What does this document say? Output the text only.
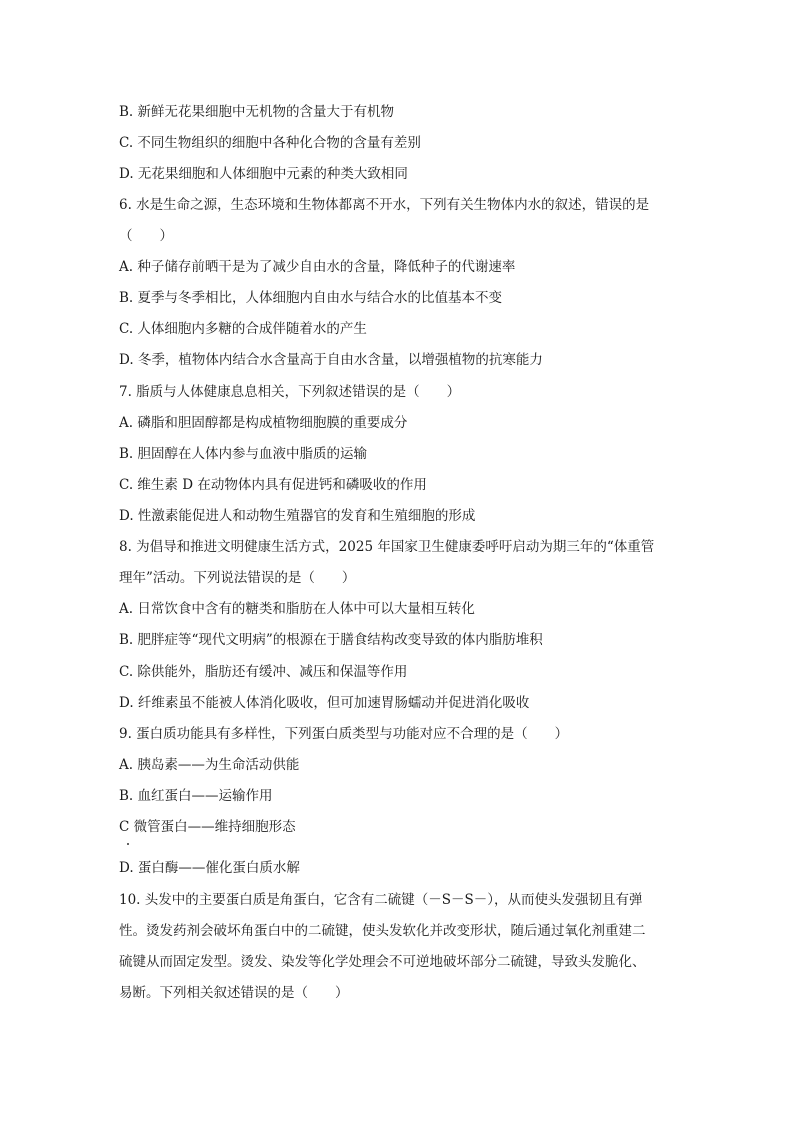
B. 新鲜无花果细胞中无机物的含量大于有机物
C. 不同生物组织的细胞中各种化合物的含量有差别
D. 无花果细胞和人体细胞中元素的种类大致相同
6. 水是生命之源，生态环境和生物体都离不开水，下列有关生物体内水的叙述，错误的是
（　　）
A. 种子储存前晒干是为了减少自由水的含量，降低种子的代谢速率
B. 夏季与冬季相比，人体细胞内自由水与结合水的比值基本不变
C. 人体细胞内多糖的合成伴随着水的产生
D. 冬季，植物体内结合水含量高于自由水含量，以增强植物的抗寒能力
7. 脂质与人体健康息息相关，下列叙述错误的是（　　）
A. 磷脂和胆固醇都是构成植物细胞膜的重要成分
B. 胆固醇在人体内参与血液中脂质的运输
C. 维生素 D 在动物体内具有促进钙和磷吸收的作用
D. 性激素能促进人和动物生殖器官的发育和生殖细胞的形成
8. 为倡导和推进文明健康生活方式，2025 年国家卫生健康委呼吁启动为期三年的“体重管
理年”活动。下列说法错误的是（　　）
A. 日常饮食中含有的糖类和脂肪在人体中可以大量相互转化
B. 肥胖症等“现代文明病”的根源在于膳食结构改变导致的体内脂肪堆积
C. 除供能外，脂肪还有缓冲、减压和保温等作用
D. 纤维素虽不能被人体消化吸收，但可加速胃肠蠕动并促进消化吸收
9. 蛋白质功能具有多样性，下列蛋白质类型与功能对应不合理的是（　　）
A. 胰岛素——为生命活动供能
B. 血红蛋白——运输作用
C 微管蛋白——维持细胞形态
D. 蛋白酶——催化蛋白质水解
10. 头发中的主要蛋白质是角蛋白，它含有二硫键（－S－S－），从而使头发强韧且有弹
性。烫发药剂会破坏角蛋白中的二硫键，使头发软化并改变形状，随后通过氧化剂重建二
硫键从而固定发型。烫发、染发等化学处理会不可逆地破坏部分二硫键，导致头发脆化、
易断。下列相关叙述错误的是（　　）
